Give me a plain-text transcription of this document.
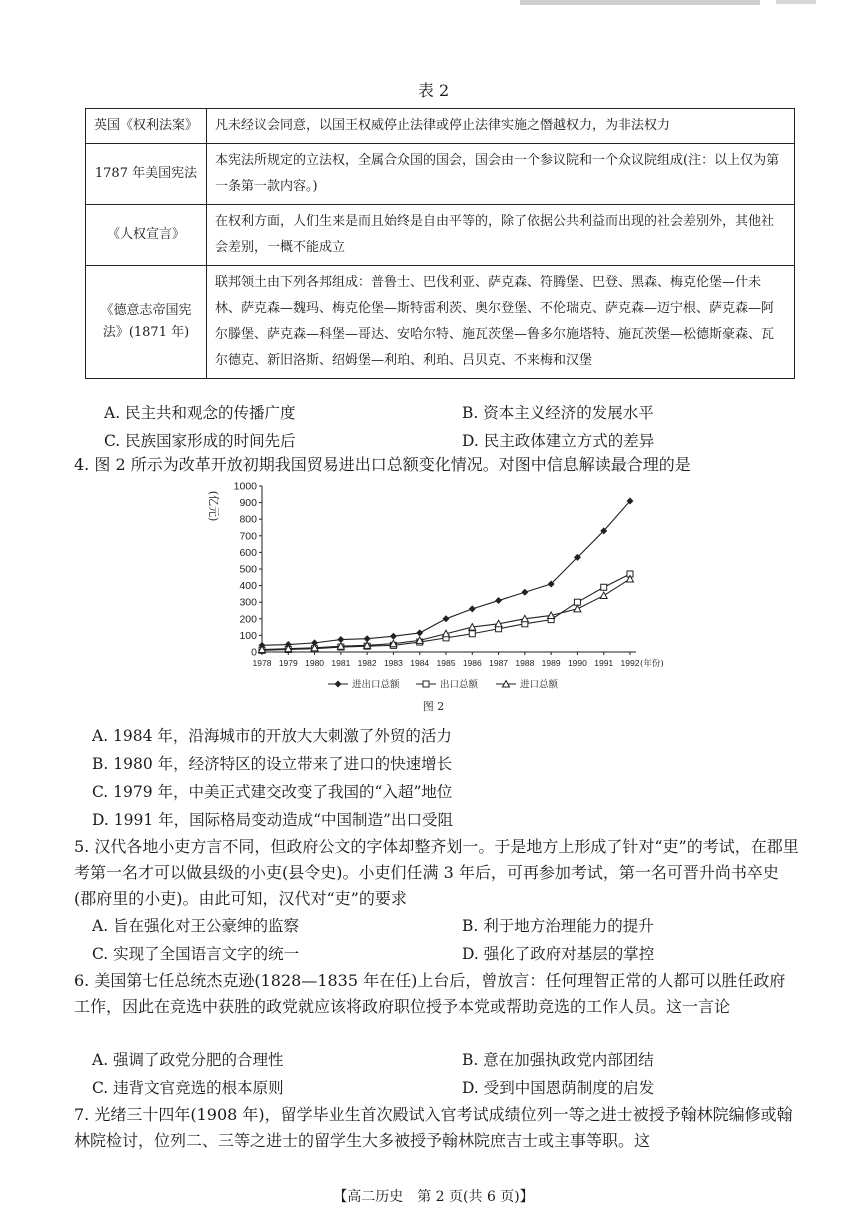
表 2
英国《权利法案》	凡未经议会同意，以国王权威停止法律或停止法律实施之僭越权力，为非法权力
1787 年美国宪法	本宪法所规定的立法权，全属合众国的国会，国会由一个参议院和一个众议院组成(注：以上仅为第一条第一款内容。)
《人权宣言》	在权利方面，人们生来是而且始终是自由平等的，除了依据公共利益而出现的社会差别外，其他社会差别，一概不能成立
《德意志帝国宪法》(1871 年)	联邦领土由下列各邦组成：普鲁士、巴伐利亚、萨克森、符腾堡、巴登、黑森、梅克伦堡—什未林、萨克森—魏玛、梅克伦堡—斯特雷利茨、奥尔登堡、不伦瑞克、萨克森—迈宁根、萨克森—阿尔滕堡、萨克森—科堡—哥达、安哈尔特、施瓦茨堡—鲁多尔施塔特、施瓦茨堡—松德斯豪森、瓦尔德克、新旧洛斯、绍姆堡—利珀、利珀、吕贝克、不来梅和汉堡
A. 民主共和观念的传播广度	B. 资本主义经济的发展水平
C. 民族国家形成的时间先后	D. 民主政体建立方式的差异
4. 图 2 所示为改革开放初期我国贸易进出口总额变化情况。对图中信息解读最合理的是
0
100
200
300
400
500
600
700
800
900
1000
(亿元)
1978 1979 1980 1981 1982 1983 1984 1985 1986 1987 1988 1989 1990 1991 1992 (年份)
进出口总额	出口总额	进口总额
图 2
A. 1984 年，沿海城市的开放大大刺激了外贸的活力
B. 1980 年，经济特区的设立带来了进口的快速增长
C. 1979 年，中美正式建交改变了我国的“入超”地位
D. 1991 年，国际格局变动造成“中国制造”出口受阻
5. 汉代各地小吏方言不同，但政府公文的字体却整齐划一。于是地方上形成了针对“吏”的考试，在郡里考第一名才可以做县级的小吏(县令史)。小吏们任满 3 年后，可再参加考试，第一名可晋升尚书卒史(郡府里的小吏)。由此可知，汉代对“吏”的要求
A. 旨在强化对王公豪绅的监察	B. 利于地方治理能力的提升
C. 实现了全国语言文字的统一	D. 强化了政府对基层的掌控
6. 美国第七任总统杰克逊(1828—1835 年在任)上台后，曾放言：任何理智正常的人都可以胜任政府工作，因此在竞选中获胜的政党就应该将政府职位授予本党或帮助竞选的工作人员。这一言论
A. 强调了政党分肥的合理性	B. 意在加强执政党内部团结
C. 违背文官竞选的根本原则	D. 受到中国恩荫制度的启发
7. 光绪三十四年(1908 年)，留学毕业生首次殿试入官考试成绩位列一等之进士被授予翰林院编修或翰林院检讨，位列二、三等之进士的留学生大多被授予翰林院庶吉士或主事等职。这
【高二历史　第 2 页(共 6 页)】
